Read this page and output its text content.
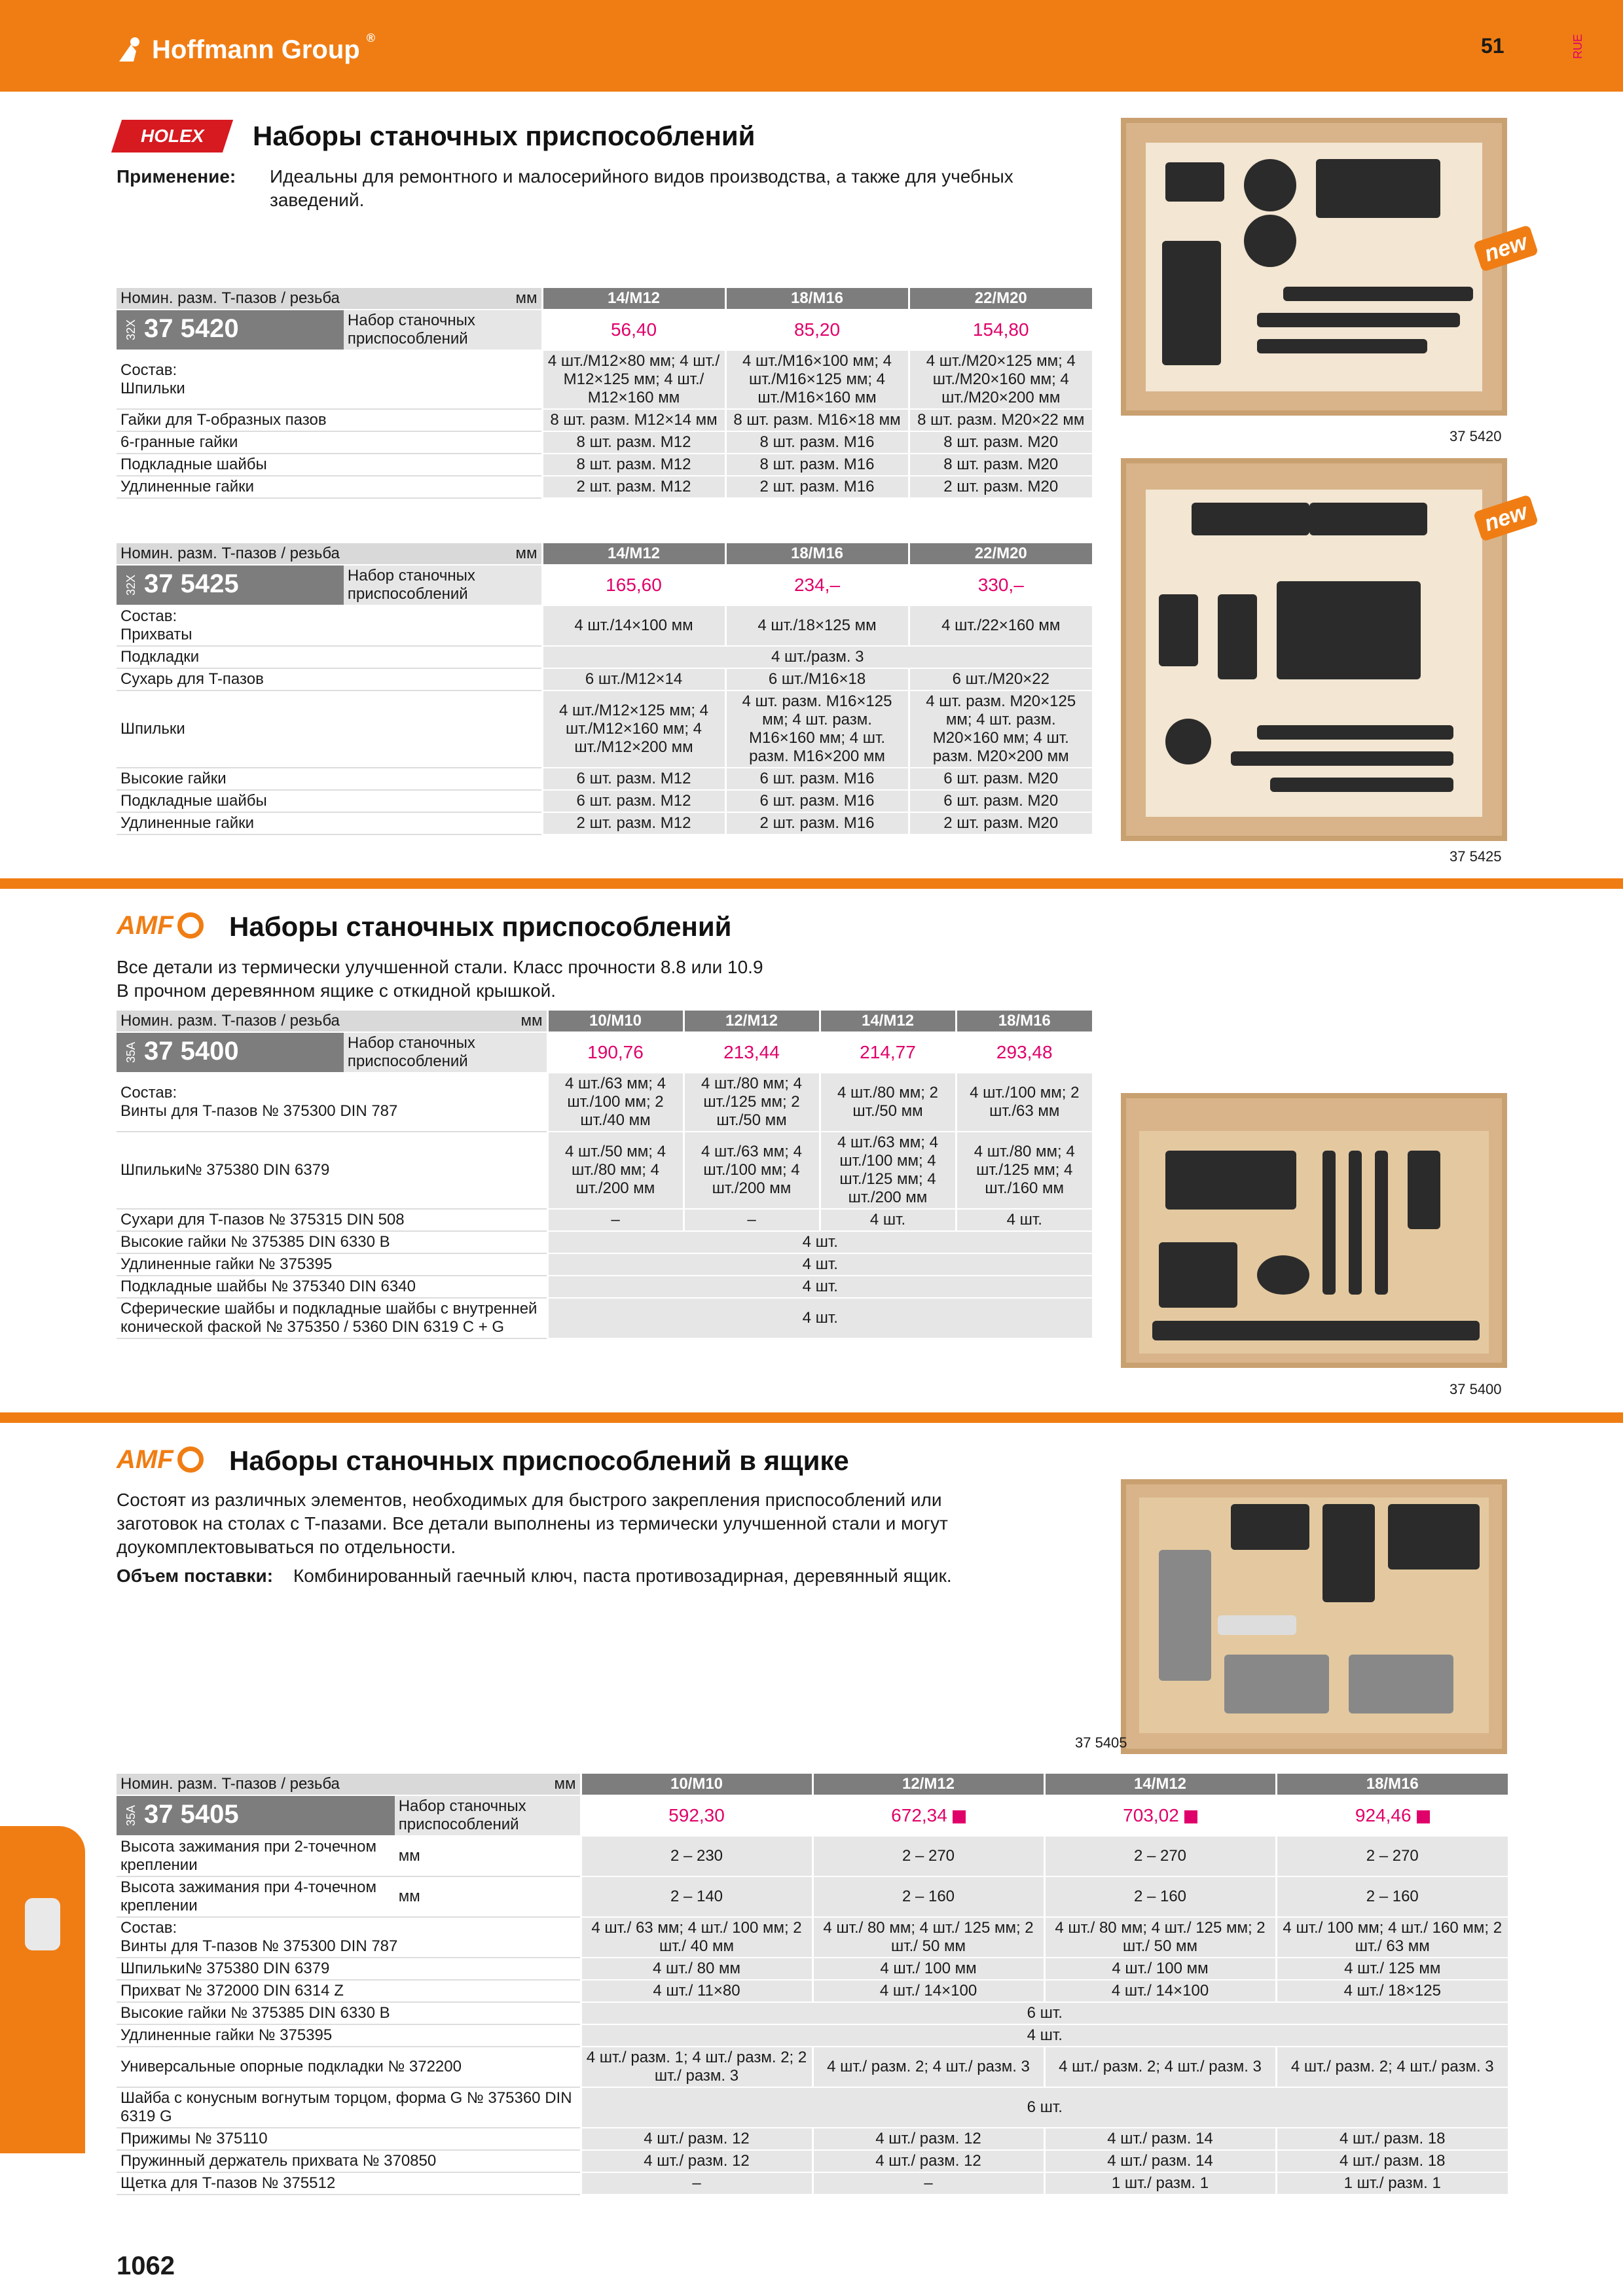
Hoffmann Group ®	51	RUE
HOLEX Наборы станочных приспособлений
Применение: Идеальны для ремонтного и малосерийного видов производства, а также для учебных заведений.
Номин. разм. T-пазов / резьба	мм	14/M12	18/M16	22/M20
32X 37 5420	Набор станочных приспособлений	56,40	85,20	154,80
Состав:
Шпильки		4 шт./M12×80 мм; 4 шт./ M12×125 мм; 4 шт./ M12×160 мм	4 шт./M16×100 мм; 4 шт./M16×125 мм; 4 шт./M16×160 мм	4 шт./M20×125 мм; 4 шт./M20×160 мм; 4 шт./M20×200 мм
Гайки для T-образных пазов		8 шт. разм. M12×14 мм	8 шт. разм. M16×18 мм	8 шт. разм. M20×22 мм
6-гранные гайки		8 шт. разм. M12	8 шт. разм. M16	8 шт. разм. M20
Подкладные шайбы		8 шт. разм. M12	8 шт. разм. M16	8 шт. разм. M20
Удлиненные гайки		2 шт. разм. M12	2 шт. разм. M16	2 шт. разм. M20
Номин. разм. T-пазов / резьба	мм	14/M12	18/M16	22/M20
32X 37 5425	Набор станочных приспособлений	165,60	234,–	330,–
Состав:
Прихваты		4 шт./14×100 мм	4 шт./18×125 мм	4 шт./22×160 мм
Подкладки		4 шт./разм. 3		
Сухарь для T-пазов		6 шт./M12×14	6 шт./M16×18	6 шт./M20×22
Шпильки		4 шт./M12×125 мм; 4 шт./M12×160 мм; 4 шт./M12×200 мм	4 шт. разм. M16×125 мм; 4 шт. разм. M16×160 мм; 4 шт. разм. M16×200 мм	4 шт. разм. M20×125 мм; 4 шт. разм. M20×160 мм; 4 шт. разм. M20×200 мм
Высокие гайки		6 шт. разм. M12	6 шт. разм. M16	6 шт. разм. M20
Подкладные шайбы		6 шт. разм. M12	6 шт. разм. M16	6 шт. разм. M20
Удлиненные гайки		2 шт. разм. M12	2 шт. разм. M16	2 шт. разм. M20
new
37 5420
new
37 5425
AMF Наборы станочных приспособлений
Все детали из термически улучшенной стали. Класс прочности 8.8 или 10.9
В прочном деревянном ящике с откидной крышкой.
Номин. разм. T-пазов / резьба	мм	10/M10	12/M12	14/M12	18/M16
35A 37 5400	Набор станочных приспособлений	190,76	213,44	214,77	293,48
Состав:
Винты для T-пазов № 375300 DIN 787		4 шт./63 мм; 4 шт./100 мм; 2 шт./40 мм	4 шт./80 мм; 4 шт./125 мм; 2 шт./50 мм	4 шт./80 мм; 2 шт./50 мм	4 шт./100 мм; 2 шт./63 мм
Шпильки№ 375380 DIN 6379		4 шт./50 мм; 4 шт./80 мм; 4 шт./200 мм	4 шт./63 мм; 4 шт./100 мм; 4 шт./200 мм	4 шт./63 мм; 4 шт./100 мм; 4 шт./125 мм; 4 шт./200 мм	4 шт./80 мм; 4 шт./125 мм; 4 шт./160 мм
Сухари для T-пазов № 375315 DIN 508		–	–	4 шт.	4 шт.
Высокие гайки № 375385 DIN 6330 B		4 шт.			
Удлиненные гайки № 375395		4 шт.			
Подкладные шайбы № 375340 DIN 6340		4 шт.			
Сферические шайбы и подкладные шайбы с внутренней
конической фаской № 375350 / 5360 DIN 6319 C + G		4 шт.			
37 5400
AMF Наборы станочных приспособлений в ящике
Состоят из различных элементов, необходимых для быстрого закрепления приспособлений или заготовок на столах с T-пазами. Все детали выполнены из термически улучшенной стали и могут доукомплектовываться по отдельности.
Объем поставки: Комбинированный гаечный ключ, паста противозадирная, деревянный ящик.
37 5405
Номин. разм. T-пазов / резьба	мм	10/M10	12/M12	14/M12	18/M16
35A 37 5405	Набор станочных приспособлений	592,30	672,34	703,02	924,46
Высота зажимания при 2-точечном креплении	мм	2 – 230	2 – 270	2 – 270	2 – 270
Высота зажимания при 4-точечном креплении	мм	2 – 140	2 – 160	2 – 160	2 – 160
Состав:
Винты для T-пазов № 375300 DIN 787		4 шт./ 63 мм; 4 шт./ 100 мм; 2 шт./ 40 мм	4 шт./ 80 мм; 4 шт./ 125 мм; 2 шт./ 50 мм	4 шт./ 80 мм; 4 шт./ 125 мм; 2 шт./ 50 мм	4 шт./ 100 мм; 4 шт./ 160 мм; 2 шт./ 63 мм
Шпильки№ 375380 DIN 6379		4 шт./ 80 мм	4 шт./ 100 мм	4 шт./ 100 мм	4 шт./ 125 мм
Прихват № 372000 DIN 6314 Z		4 шт./ 11×80	4 шт./ 14×100	4 шт./ 14×100	4 шт./ 18×125
Высокие гайки № 375385 DIN 6330 B		6 шт.			
Удлиненные гайки № 375395		4 шт.			
Универсальные опорные подкладки № 372200		4 шт./ разм. 1; 4 шт./ разм. 2; 2 шт./ разм. 3	4 шт./ разм. 2; 4 шт./ разм. 3	4 шт./ разм. 2; 4 шт./ разм. 3	4 шт./ разм. 2; 4 шт./ разм. 3
Шайба с конусным вогнутым торцом, форма G № 375360 DIN 6319 G		6 шт.			
Прижимы № 375110		4 шт./ разм. 12	4 шт./ разм. 12	4 шт./ разм. 14	4 шт./ разм. 18
Пружинный держатель прихвата № 370850		4 шт./ разм. 12	4 шт./ разм. 12	4 шт./ разм. 14	4 шт./ разм. 18
Щетка для T-пазов № 375512		–	–	1 шт./ разм. 1	1 шт./ разм. 1
1062
